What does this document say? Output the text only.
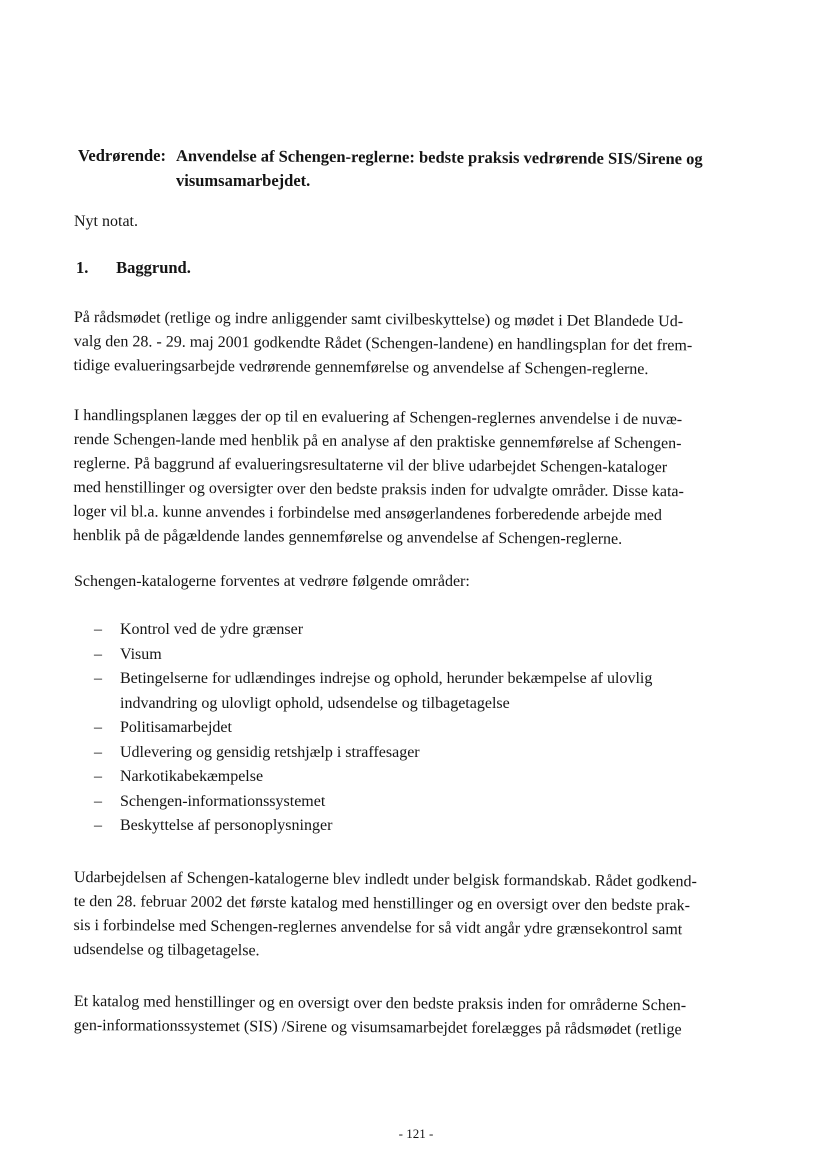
Vedrørende: Anvendelse af Schengen-reglerne: bedste praksis vedrørende SIS/Sirene og
visumsamarbejdet.
Nyt notat.
1. Baggrund.
På rådsmødet (retlige og indre anliggender samt civilbeskyttelse) og mødet i Det Blandede Ud-
valg den 28. - 29. maj 2001 godkendte Rådet (Schengen-landene) en handlingsplan for det frem-
tidige evalueringsarbejde vedrørende gennemførelse og anvendelse af Schengen-reglerne.
I handlingsplanen lægges der op til en evaluering af Schengen-reglernes anvendelse i de nuvæ-
rende Schengen-lande med henblik på en analyse af den praktiske gennemførelse af Schengen-
reglerne. På baggrund af evalueringsresultaterne vil der blive udarbejdet Schengen-kataloger
med henstillinger og oversigter over den bedste praksis inden for udvalgte områder. Disse kata-
loger vil bl.a. kunne anvendes i forbindelse med ansøgerlandenes forberedende arbejde med
henblik på de pågældende landes gennemførelse og anvendelse af Schengen-reglerne.
Schengen-katalogerne forventes at vedrøre følgende områder:
– Kontrol ved de ydre grænser
– Visum
– Betingelserne for udlændinges indrejse og ophold, herunder bekæmpelse af ulovlig
indvandring og ulovligt ophold, udsendelse og tilbagetagelse
– Politisamarbejdet
– Udlevering og gensidig retshjælp i straffesager
– Narkotikabekæmpelse
– Schengen-informationssystemet
– Beskyttelse af personoplysninger
Udarbejdelsen af Schengen-katalogerne blev indledt under belgisk formandskab. Rådet godkend-
te den 28. februar 2002 det første katalog med henstillinger og en oversigt over den bedste prak-
sis i forbindelse med Schengen-reglernes anvendelse for så vidt angår ydre grænsekontrol samt
udsendelse og tilbagetagelse.
Et katalog med henstillinger og en oversigt over den bedste praksis inden for områderne Schen-
gen-informationssystemet (SIS) /Sirene og visumsamarbejdet forelægges på rådsmødet (retlige
- 121 -
